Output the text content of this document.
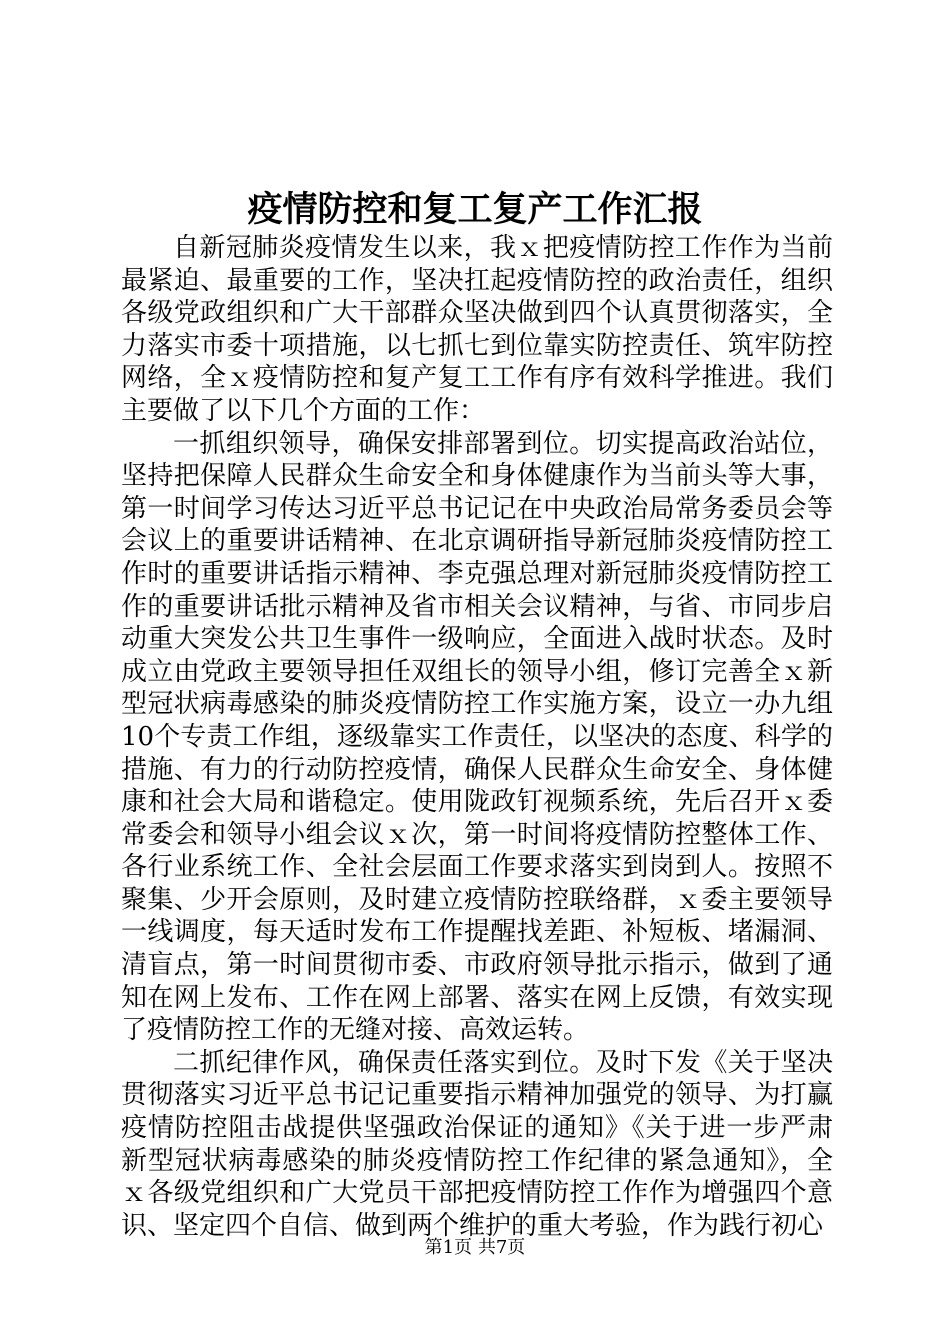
疫情防控和复工复产工作汇报

自新冠肺炎疫情发生以来，我ｘ把疫情防控工作作为当前最紧迫、最重要的工作，坚决扛起疫情防控的政治责任，组织各级党政组织和广大干部群众坚决做到四个认真贯彻落实，全力落实市委十项措施，以七抓七到位靠实防控责任、筑牢防控网络，全ｘ疫情防控和复产复工工作有序有效科学推进。我们主要做了以下几个方面的工作：

一抓组织领导，确保安排部署到位。切实提高政治站位，坚持把保障人民群众生命安全和身体健康作为当前头等大事，第一时间学习传达习近平总书记记在中央政治局常务委员会等会议上的重要讲话精神、在北京调研指导新冠肺炎疫情防控工作时的重要讲话指示精神、李克强总理对新冠肺炎疫情防控工作的重要讲话批示精神及省市相关会议精神，与省、市同步启动重大突发公共卫生事件一级响应，全面进入战时状态。及时成立由党政主要领导担任双组长的领导小组，修订完善全ｘ新型冠状病毒感染的肺炎疫情防控工作实施方案，设立一办九组10个专责工作组，逐级靠实工作责任，以坚决的态度、科学的措施、有力的行动防控疫情，确保人民群众生命安全、身体健康和社会大局和谐稳定。使用陇政钉视频系统，先后召开ｘ委常委会和领导小组会议ｘ次，第一时间将疫情防控整体工作、各行业系统工作、全社会层面工作要求落实到岗到人。按照不聚集、少开会原则，及时建立疫情防控联络群，ｘ委主要领导一线调度，每天适时发布工作提醒找差距、补短板、堵漏洞、清盲点，第一时间贯彻市委、市政府领导批示指示，做到了通知在网上发布、工作在网上部署、落实在网上反馈，有效实现了疫情防控工作的无缝对接、高效运转。

二抓纪律作风，确保责任落实到位。及时下发《关于坚决贯彻落实习近平总书记记重要指示精神加强党的领导、为打赢疫情防控阻击战提供坚强政治保证的通知》《关于进一步严肃新型冠状病毒感染的肺炎疫情防控工作纪律的紧急通知》，全ｘ各级党组织和广大党员干部把疫情防控工作作为增强四个意识、坚定四个自信、做到两个维护的重大考验，作为践行初心

第1页 共7页
